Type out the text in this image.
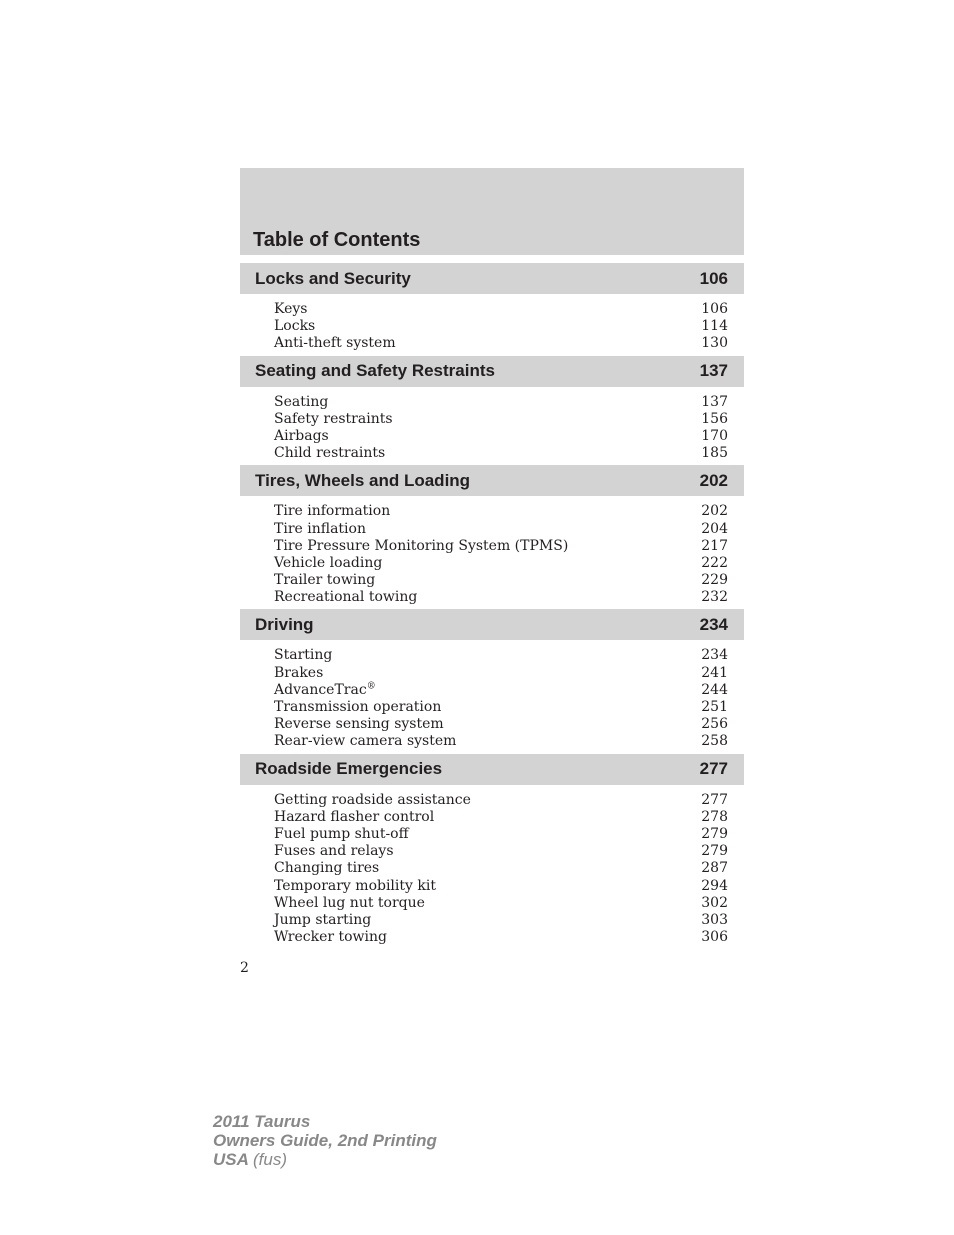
Table of Contents
Locks and Security	106
Keys	106
Locks	114
Anti-theft system	130
Seating and Safety Restraints	137
Seating	137
Safety restraints	156
Airbags	170
Child restraints	185
Tires, Wheels and Loading	202
Tire information	202
Tire inflation	204
Tire Pressure Monitoring System (TPMS)	217
Vehicle loading	222
Trailer towing	229
Recreational towing	232
Driving	234
Starting	234
Brakes	241
AdvanceTrac®	244
Transmission operation	251
Reverse sensing system	256
Rear-view camera system	258
Roadside Emergencies	277
Getting roadside assistance	277
Hazard flasher control	278
Fuel pump shut-off	279
Fuses and relays	279
Changing tires	287
Temporary mobility kit	294
Wheel lug nut torque	302
Jump starting	303
Wrecker towing	306
2
2011 Taurus
Owners Guide, 2nd Printing
USA (fus)
